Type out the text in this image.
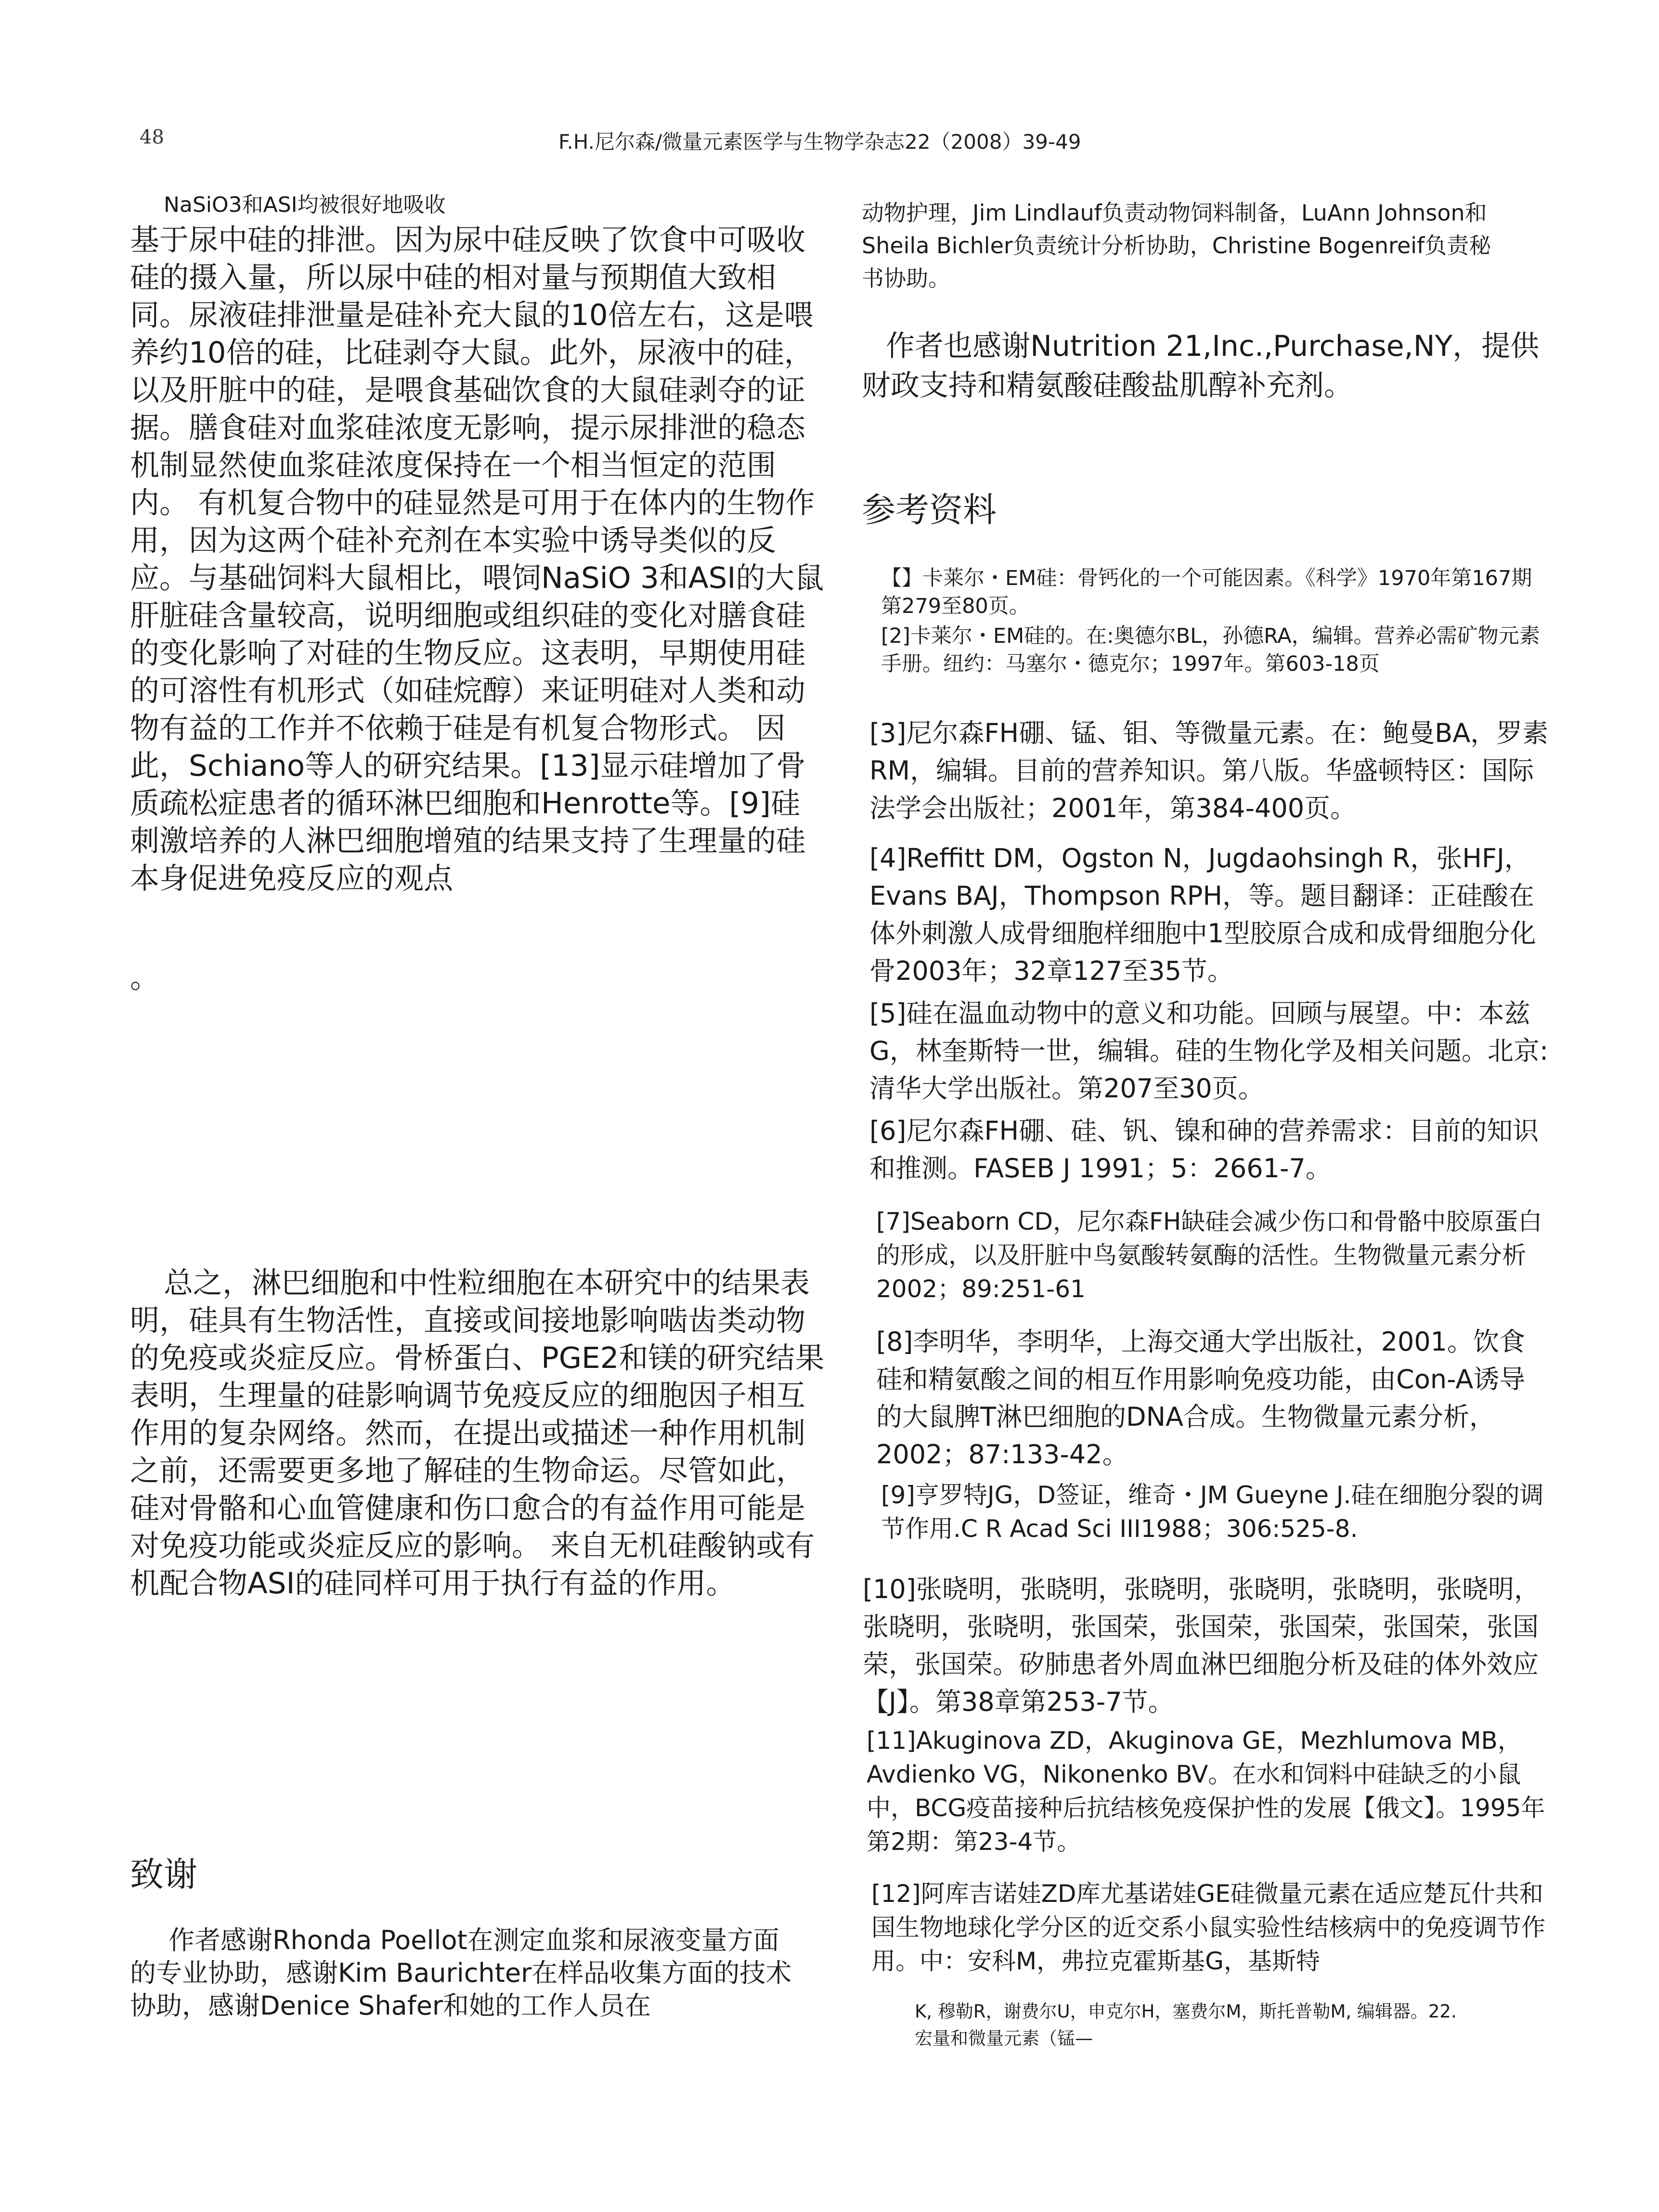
48	F.H.尼尔森/微量元素医学与生物学杂志22（2008）39-49
NaSiO3和ASI均被很好地吸收
基于尿中硅的排泄。因为尿中硅反映了饮食中可吸收硅的摄入量，所以尿中硅的相对量与预期值大致相同。尿液硅排泄量是硅补充大鼠的10倍左右，这是喂养约10倍的硅，比硅剥夺大鼠。此外，尿液中的硅，以及肝脏中的硅，是喂食基础饮食的大鼠硅剥夺的证据。膳食硅对血浆硅浓度无影响，提示尿排泄的稳态机制显然使血浆硅浓度保持在一个相当恒定的范围内。 有机复合物中的硅显然是可用于在体内的生物作用，因为这两个硅补充剂在本实验中诱导类似的反应。与基础饲料大鼠相比，喂饲NaSiO 3和ASI的大鼠肝脏硅含量较高，说明细胞或组织硅的变化对膳食硅的变化影响了对硅的生物反应。这表明，早期使用硅的可溶性有机形式（如硅烷醇）来证明硅对人类和动物有益的工作并不依赖于硅是有机复合物形式。 因此，Schiano等人的研究结果。[13]显示硅增加了骨质疏松症患者的循环淋巴细胞和Henrotte等。[9]硅刺激培养的人淋巴细胞增殖的结果支持了生理量的硅本身促进免疫反应的观点
。
总之，淋巴细胞和中性粒细胞在本研究中的结果表明，硅具有生物活性，直接或间接地影响啮齿类动物的免疫或炎症反应。骨桥蛋白、PGE2和镁的研究结果表明，生理量的硅影响调节免疫反应的细胞因子相互作用的复杂网络。然而，在提出或描述一种作用机制之前，还需要更多地了解硅的生物命运。尽管如此，硅对骨骼和心血管健康和伤口愈合的有益作用可能是对免疫功能或炎症反应的影响。 来自无机硅酸钠或有机配合物ASI的硅同样可用于执行有益的作用。
致谢
作者感谢Rhonda Poellot在测定血浆和尿液变量方面的专业协助，感谢Kim Baurichter在样品收集方面的技术协助，感谢Denice Shafer和她的工作人员在
动物护理，Jim Lindlauf负责动物饲料制备，LuAnn Johnson和Sheila Bichler负责统计分析协助，Christine Bogenreif负责秘书协助。
作者也感谢Nutrition 21,Inc.,Purchase,NY，提供财政支持和精氨酸硅酸盐肌醇补充剂。
参考资料
【】卡莱尔・EM硅：骨钙化的一个可能因素。《科学》1970年第167期第279至80页。
[2]卡莱尔・EM硅的。在:奥德尔BL，孙德RA，编辑。营养必需矿物元素手册。纽约：马塞尔・德克尔；1997年。第603-18页
[3]尼尔森FH硼、锰、钼、等微量元素。在：鲍曼BA，罗素RM，编辑。目前的营养知识。第八版。华盛顿特区：国际法学会出版社；2001年，第384-400页。
[4]Reffitt DM，Ogston N，Jugdaohsingh R，张HFJ，Evans BAJ，Thompson RPH，等。题目翻译：正硅酸在体外刺激人成骨细胞样细胞中1型胶原合成和成骨细胞分化骨2003年；32章127至35节。
[5]硅在温血动物中的意义和功能。回顾与展望。中：本兹G，林奎斯特一世，编辑。硅的生物化学及相关问题。北京:清华大学出版社。第207至30页。
[6]尼尔森FH硼、硅、钒、镍和砷的营养需求：目前的知识和推测。FASEB J 1991；5：2661-7。
[7]Seaborn CD，尼尔森FH缺硅会减少伤口和骨骼中胶原蛋白的形成，以及肝脏中鸟氨酸转氨酶的活性。生物微量元素分析2002；89:251-61
[8]李明华，李明华，上海交通大学出版社，2001。饮食硅和精氨酸之间的相互作用影响免疫功能，由Con-A诱导的大鼠脾T淋巴细胞的DNA合成。生物微量元素分析，2002；87:133-42。
[9]亨罗特JG，D签证，维奇・JM Gueyne J.硅在细胞分裂的调节作用.C R Acad Sci III1988；306:525-8.
[10]张晓明，张晓明，张晓明，张晓明，张晓明，张晓明，张晓明，张晓明，张国荣，张国荣，张国荣，张国荣，张国荣，张国荣。矽肺患者外周血淋巴细胞分析及硅的体外效应【J】。第38章第253-7节。
[11]Akuginova ZD，Akuginova GE，Mezhlumova MB，Avdienko VG，Nikonenko BV。在水和饲料中硅缺乏的小鼠中，BCG疫苗接种后抗结核免疫保护性的发展【俄文】。1995年第2期：第23-4节。
[12]阿库吉诺娃ZD库尤基诺娃GE硅微量元素在适应楚瓦什共和国生物地球化学分区的近交系小鼠实验性结核病中的免疫调节作用。中：安科M，弗拉克霍斯基G，基斯特
K, 穆勒R，谢费尔U，申克尔H，塞费尔M，斯托普勒M, 编辑器。22. 宏量和微量元素（锰—
